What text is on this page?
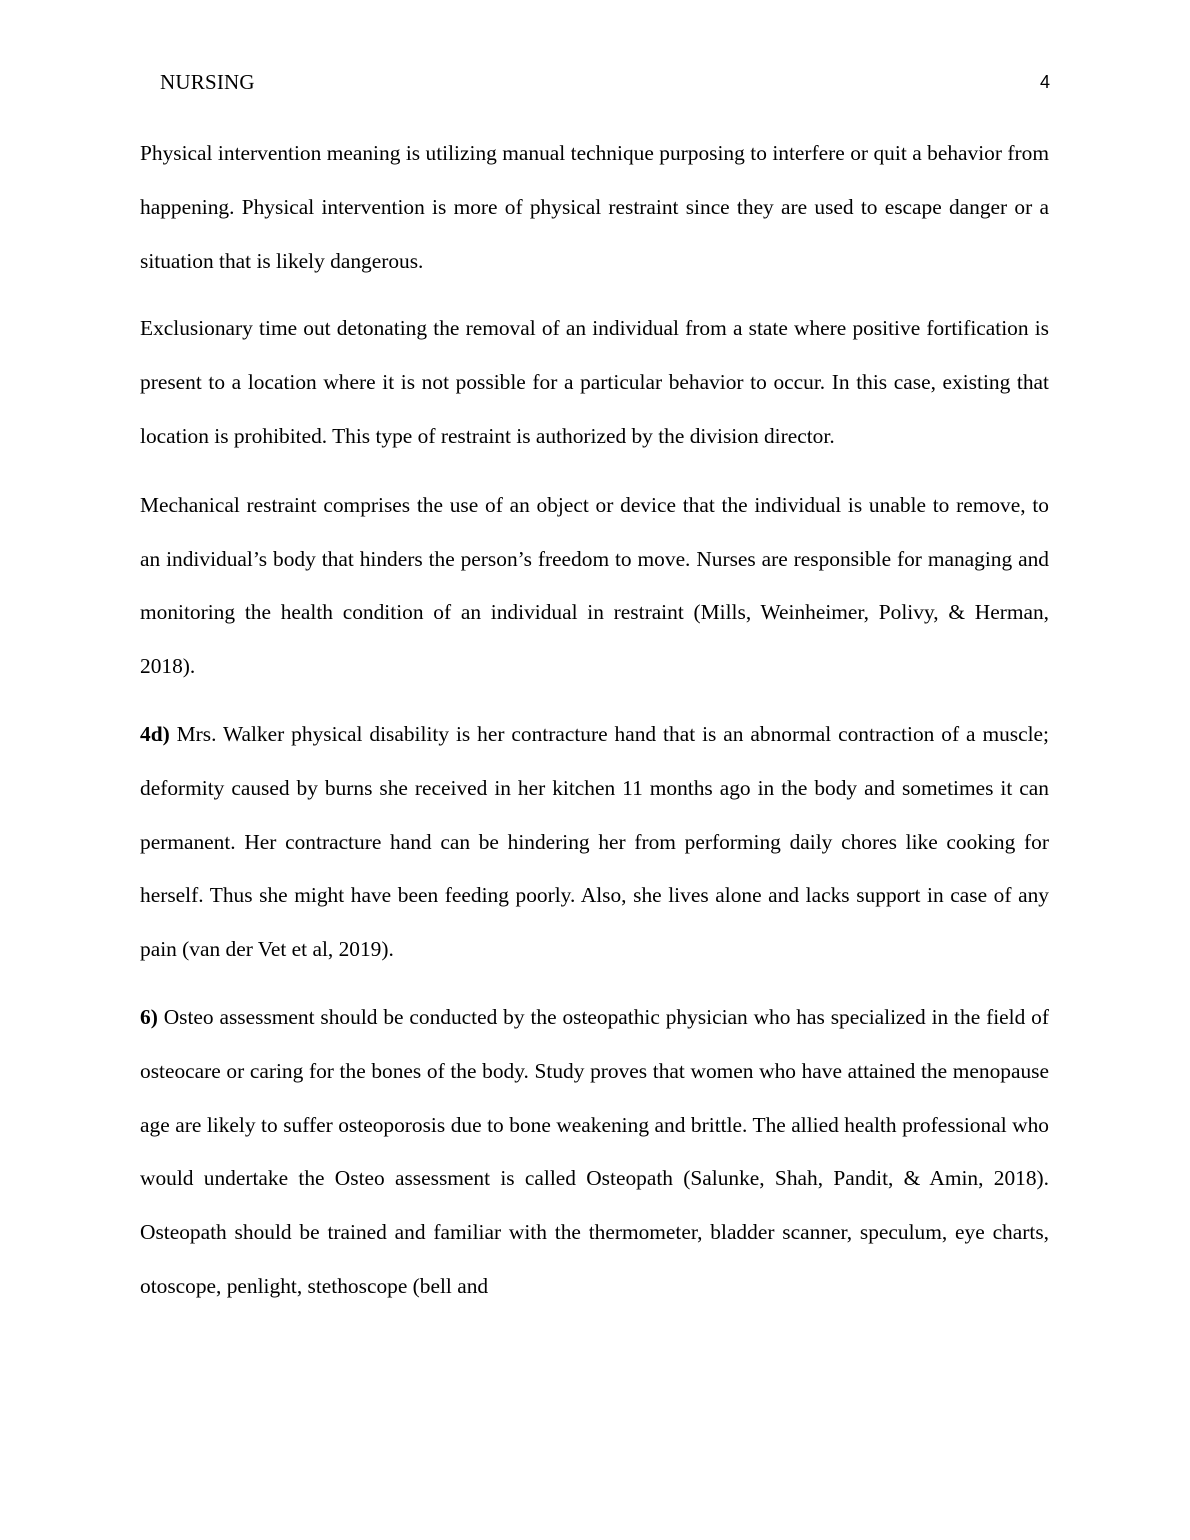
NURSING	4

Physical intervention meaning is utilizing manual technique purposing to interfere or quit a behavior from happening. Physical intervention is more of physical restraint since they are used to escape danger or a situation that is likely dangerous.

Exclusionary time out detonating the removal of an individual from a state where positive fortification is present to a location where it is not possible for a particular behavior to occur. In this case, existing that location is prohibited. This type of restraint is authorized by the division director.

Mechanical restraint comprises the use of an object or device that the individual is unable to remove, to an individual’s body that hinders the person’s freedom to move. Nurses are responsible for managing and monitoring the health condition of an individual in restraint (Mills, Weinheimer, Polivy, & Herman, 2018).

4d) Mrs. Walker physical disability is her contracture hand that is an abnormal contraction of a muscle; deformity caused by burns she received in her kitchen 11 months ago in the body and sometimes it can permanent. Her contracture hand can be hindering her from performing daily chores like cooking for herself. Thus she might have been feeding poorly. Also, she lives alone and lacks support in case of any pain (van der Vet et al, 2019).

6) Osteo assessment should be conducted by the osteopathic physician who has specialized in the field of osteocare or caring for the bones of the body. Study proves that women who have attained the menopause age are likely to suffer osteoporosis due to bone weakening and brittle. The allied health professional who would undertake the Osteo assessment is called Osteopath (Salunke, Shah, Pandit, & Amin, 2018). Osteopath should be trained and familiar with the thermometer, bladder scanner, speculum, eye charts, otoscope, penlight, stethoscope (bell and
